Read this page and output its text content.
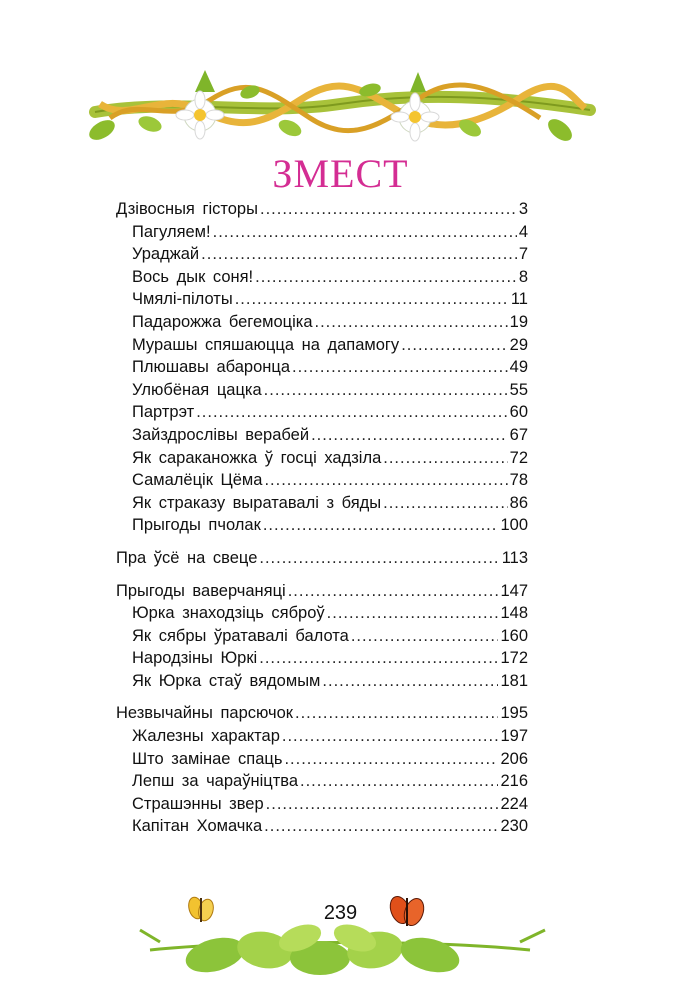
ЗМЕСТ
Дзівосныя гісторы .....	3
Пагуляем! .....	4
Ураджай .....	7
Вось дык соня! .....	8
Чмялі-пілоты .....	11
Падарожжа бегемоціка .....	19
Мурашы спяшаюцца на дапамогу .....	29
Плюшавы абаронца .....	49
Улюбёная цацка .....	55
Партрэт .....	60
Зайздрослівы верабей .....	67
Як сараканожка ў госці хадзіла .....	72
Самалёцік Цёма .....	78
Як страказу выратавалі з бяды .....	86
Прыгоды пчолак .....	100
Пра ўсё на свеце .....	113
Прыгоды ваверчаняці .....	147
Юрка знаходзіць сяброў .....	148
Як сябры ўратавалі балота .....	160
Народзіны Юркі .....	172
Як Юрка стаў вядомым .....	181
Незвычайны парсючок .....	195
Жалезны характар .....	197
Што замінае спаць .....	206
Лепш за чараўніцтва .....	216
Страшэнны звер .....	224
Капітан Хомачка .....	230
239
